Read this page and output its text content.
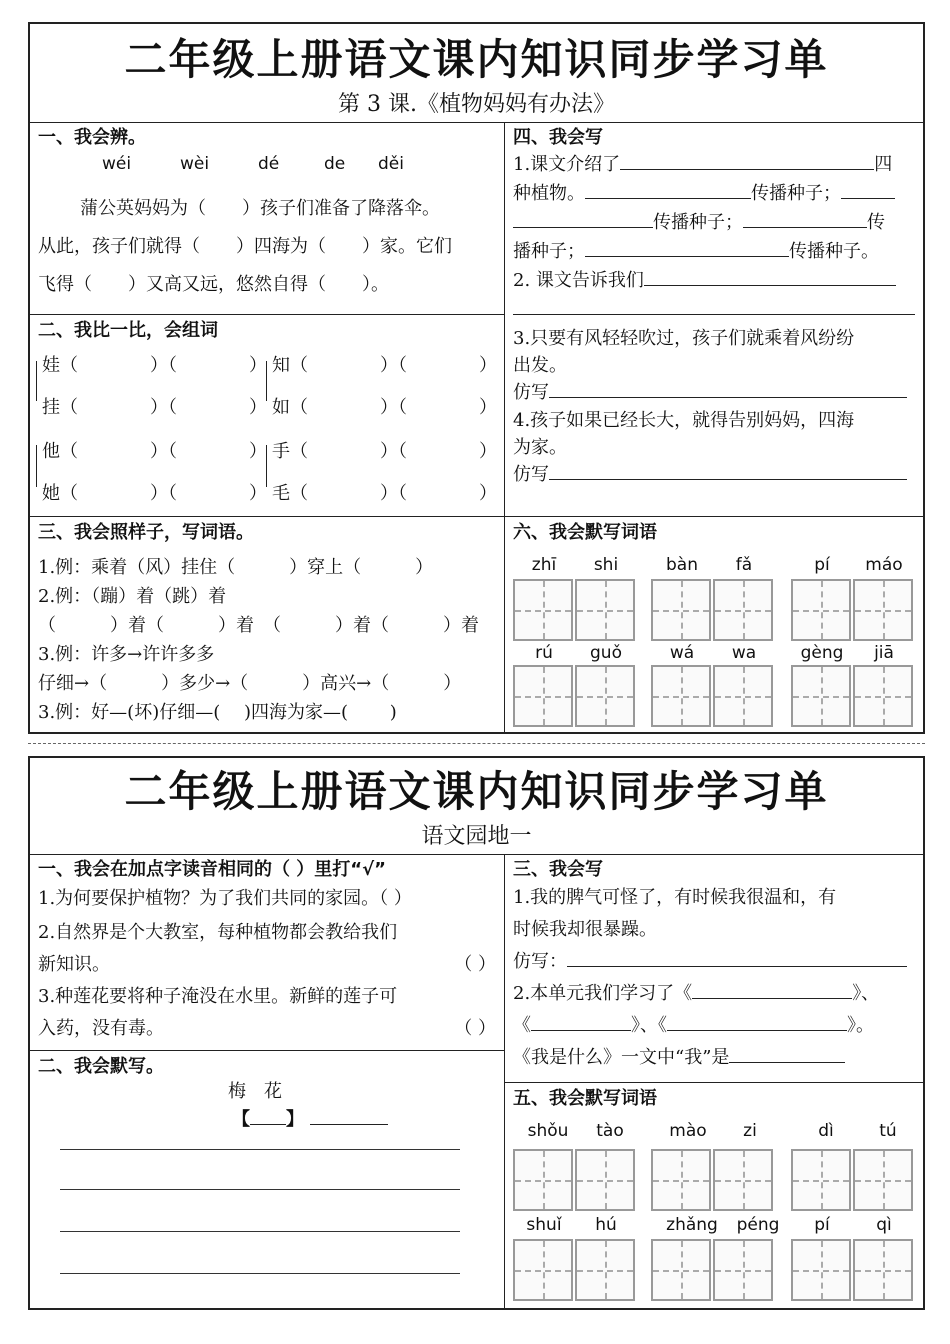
二年级上册语文课内知识同步学习单
第 3 课.《植物妈妈有办法》
一、我会辨。
wéi	wèi	dé	de děi
蒲公英妈妈为（　　）孩子们准备了降落伞。
从此，孩子们就得（　　）四海为（　　）家。它们
飞得（　　）又高又远，悠然自得（　　）。
二、我比一比，会组词
娃（　　　　）（　　　　） 知（　　　　）（　　　　）
挂（　　　　）（　　　　） 如（　　　　）（　　　　）
他（　　　　）（　　　　） 手（　　　　）（　　　　）
她（　　　　）（　　　　） 毛（　　　　）（　　　　）
三、我会照样子，写词语。
1.例：乘着（风）挂住（　　　）穿上（　　　）
2.例：（蹦）着（跳）着
（　　　）着（　　　）着　（　　　）着（　　　）着
3.例：许多→许许多多
仔细→（　　　）多少→（　　　）高兴→（　　　）
3.例：好—(坏)仔细—(　 )四海为家—(　　 )
四、我会写
1.课文介绍了	四
种植物。	传播种子；
传播种子；	传
播种子；	传播种子。
2. 课文告诉我们
3.只要有风轻轻吹过，孩子们就乘着风纷纷
出发。
仿写
4.孩子如果已经长大，就得告别妈妈，四海
为家。
仿写
六、我会默写词语
zhī	shi	bàn	fǎ	pí	máo
rú	guǒ	wá	wa	gèng	jiā
二年级上册语文课内知识同步学习单
语文园地一
一、我会在加点字读音相同的（ ）里打“√”
1.为何要保护植物？为了我们共同的家园。（ ）
2.自然界是个大教室，每种植物都会教给我们
新知识。	（ ）
3.种莲花要将种子淹没在水里。新鲜的莲子可
入药，没有毒。	（ ）
二、我会默写。
梅　花
【 】
三、我会写
1.我的脾气可怪了，有时候我很温和，有
时候我却很暴躁。
仿写：
2.本单元我们学习了《	》、
《	》、《	》。
《我是什么》一文中“我”是
五、我会默写词语
shǒu	tào	mào	zi	dì	tú
shuǐ	hú	zhǎng	péng	pí	qì
